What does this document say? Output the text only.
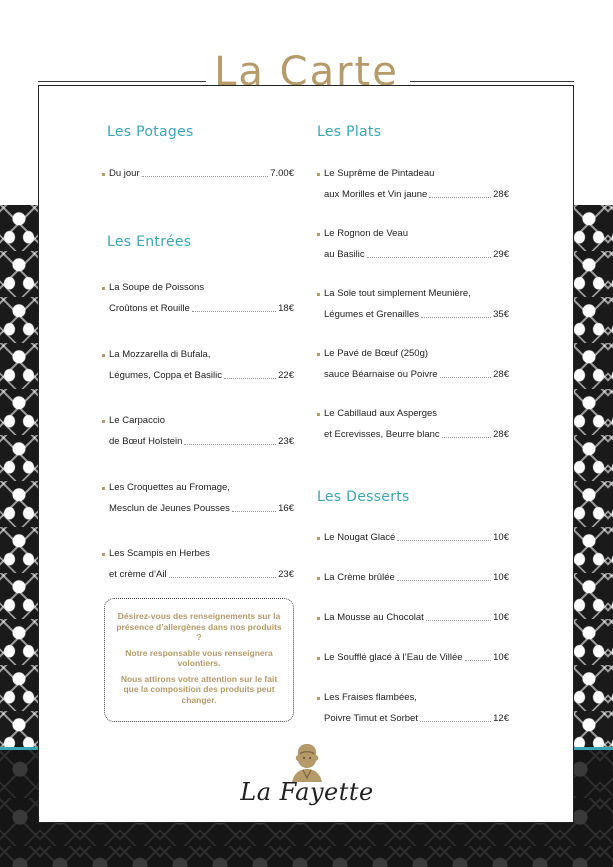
La Carte
Les Potages
Du jour	7.00€
Les Entrées
La Soupe de Poissons
Croûtons et Rouille	18€
La Mozzarella di Bufala,
Légumes, Coppa et Basilic	22€
Le Carpaccio
de Bœuf Holstein	23€
Les Croquettes au Fromage,
Mesclun de Jeunes Pousses	16€
Les Scampis en Herbes
et crème d’Ail	23€

Désirez-vous des renseignements sur la présence d’allergènes dans nos produits ?

Notre responsable vous renseignera volontiers.

Nous attirons votre attention sur le fait que la composition des produits peut changer.

Les Plats
Le Suprême de Pintadeau
aux Morilles et Vin jaune	28€
Le Rognon de Veau
au Basilic	29€
La Sole tout simplement Meunière,
Légumes et Grenailles	35€
Le Pavé de Bœuf (250g)
sauce Béarnaise ou Poivre	28€
Le Cabillaud aux Asperges
et Ecrevisses, Beurre blanc	28€
Les Desserts
Le Nougat Glacé	10€
La Crème brûlée	10€
La Mousse au Chocolat	10€
Le Soufflé glacé à l’Eau de Villée	10€
Les Fraises flambées,
Poivre Timut et Sorbet	12€
La Fayette
